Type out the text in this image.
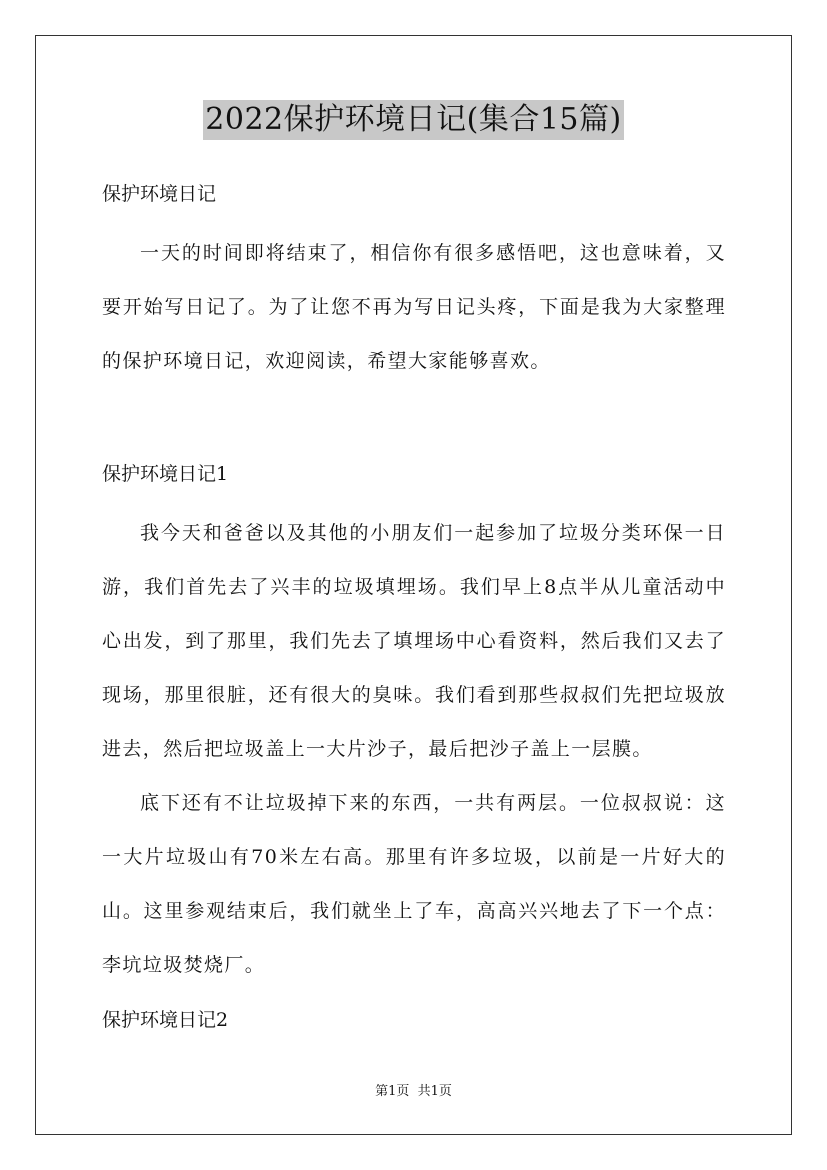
2022保护环境日记(集合15篇)
保护环境日记

一天的时间即将结束了，相信你有很多感悟吧，这也意味着，又要开始写日记了。为了让您不再为写日记头疼，下面是我为大家整理的保护环境日记，欢迎阅读，希望大家能够喜欢。

保护环境日记1

我今天和爸爸以及其他的小朋友们一起参加了垃圾分类环保一日游，我们首先去了兴丰的垃圾填埋场。我们早上8点半从儿童活动中心出发，到了那里，我们先去了填埋场中心看资料，然后我们又去了现场，那里很脏，还有很大的臭味。我们看到那些叔叔们先把垃圾放进去，然后把垃圾盖上一大片沙子，最后把沙子盖上一层膜。

底下还有不让垃圾掉下来的东西，一共有两层。一位叔叔说：这一大片垃圾山有70米左右高。那里有许多垃圾，以前是一片好大的山。这里参观结束后，我们就坐上了车，高高兴兴地去了下一个点：李坑垃圾焚烧厂。

保护环境日记2
第1页  共1页
